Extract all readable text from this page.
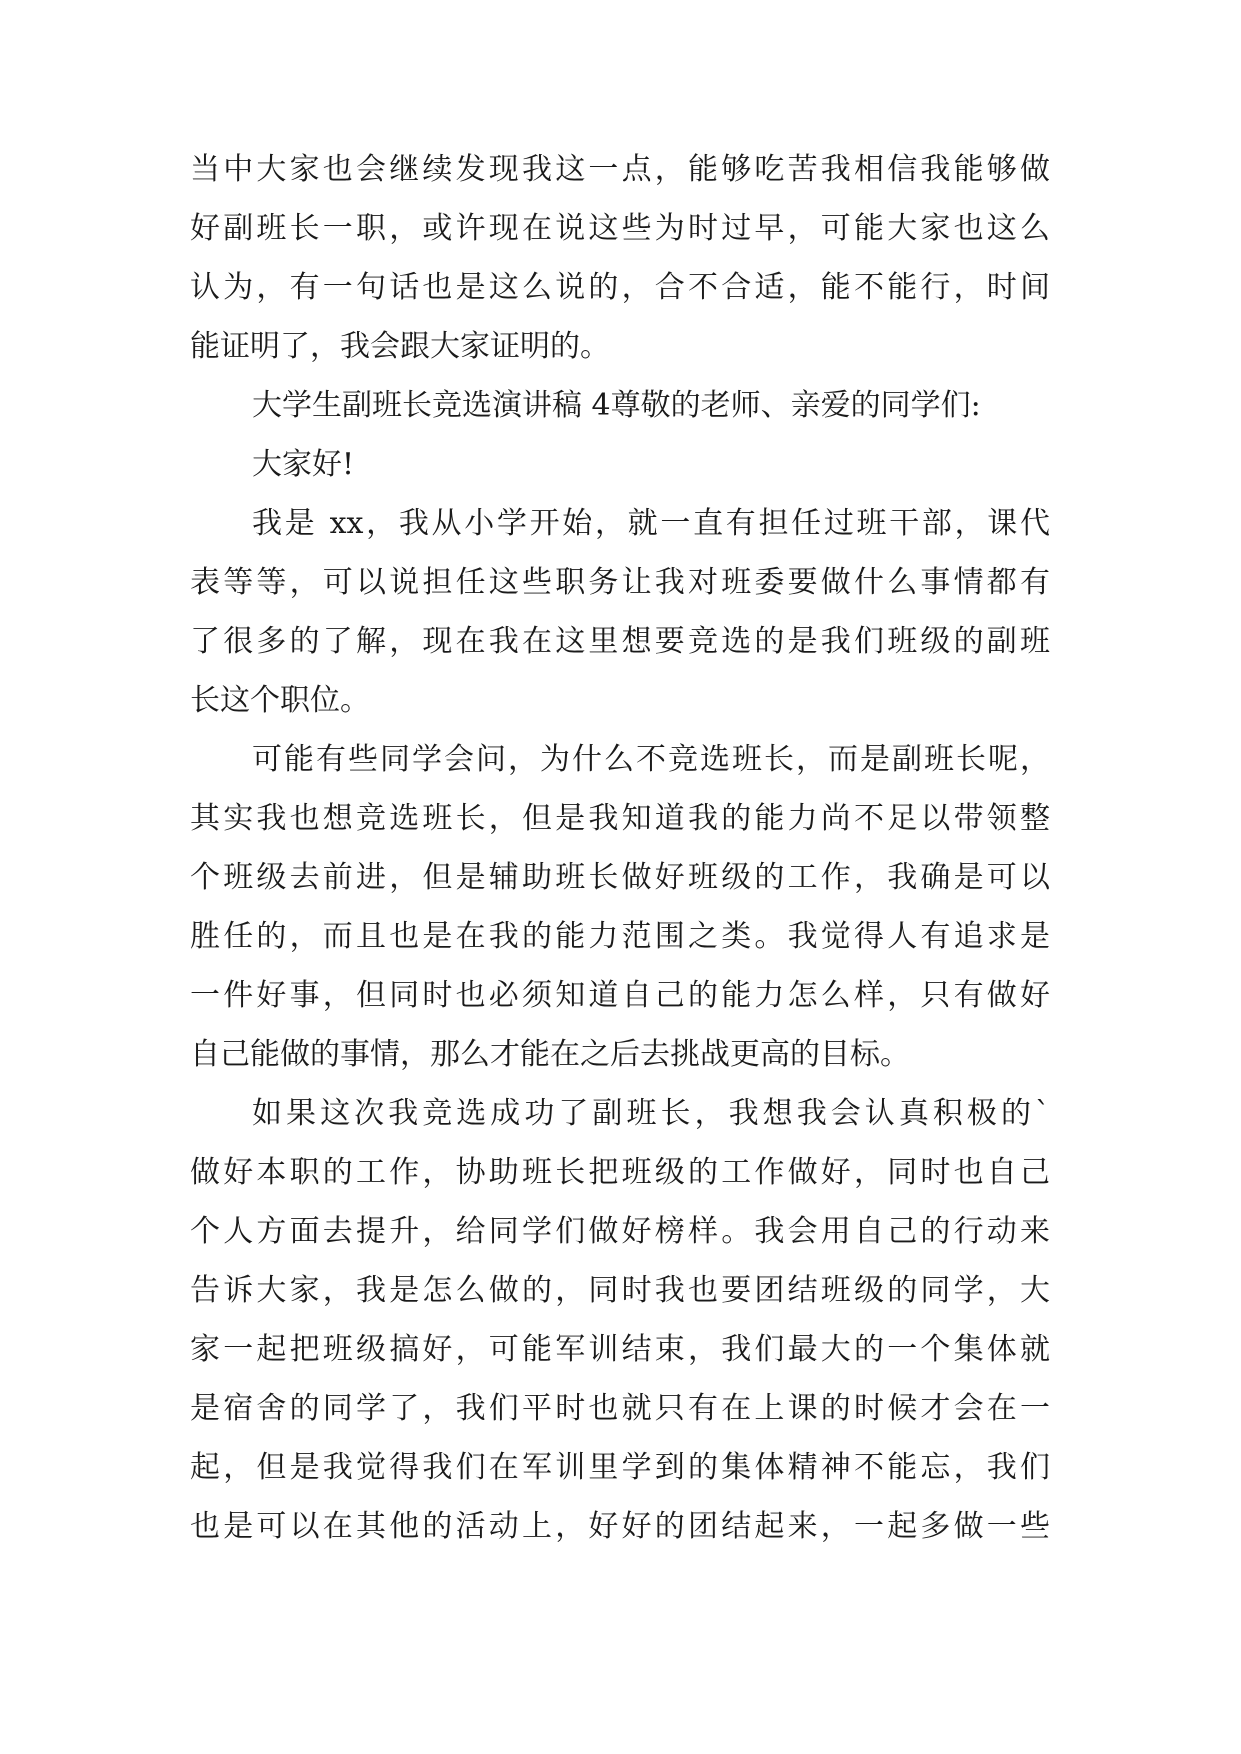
当中大家也会继续发现我这一点，能够吃苦我相信我能够做
好副班长一职，或许现在说这些为时过早，可能大家也这么
认为，有一句话也是这么说的，合不合适，能不能行，时间
能证明了，我会跟大家证明的。
大学生副班长竞选演讲稿 4尊敬的老师、亲爱的同学们:
大家好!
我是 xx，我从小学开始，就一直有担任过班干部，课代
表等等，可以说担任这些职务让我对班委要做什么事情都有
了很多的了解，现在我在这里想要竞选的是我们班级的副班
长这个职位。
可能有些同学会问，为什么不竞选班长，而是副班长呢，
其实我也想竞选班长，但是我知道我的能力尚不足以带领整
个班级去前进，但是辅助班长做好班级的工作，我确是可以
胜任的，而且也是在我的能力范围之类。我觉得人有追求是
一件好事，但同时也必须知道自己的能力怎么样，只有做好
自己能做的事情，那么才能在之后去挑战更高的目标。
如果这次我竞选成功了副班长，我想我会认真积极的`
做好本职的工作，协助班长把班级的工作做好，同时也自己
个人方面去提升，给同学们做好榜样。我会用自己的行动来
告诉大家，我是怎么做的，同时我也要团结班级的同学，大
家一起把班级搞好，可能军训结束，我们最大的一个集体就
是宿舍的同学了，我们平时也就只有在上课的时候才会在一
起，但是我觉得我们在军训里学到的集体精神不能忘，我们
也是可以在其他的活动上，好好的团结起来，一起多做一些
